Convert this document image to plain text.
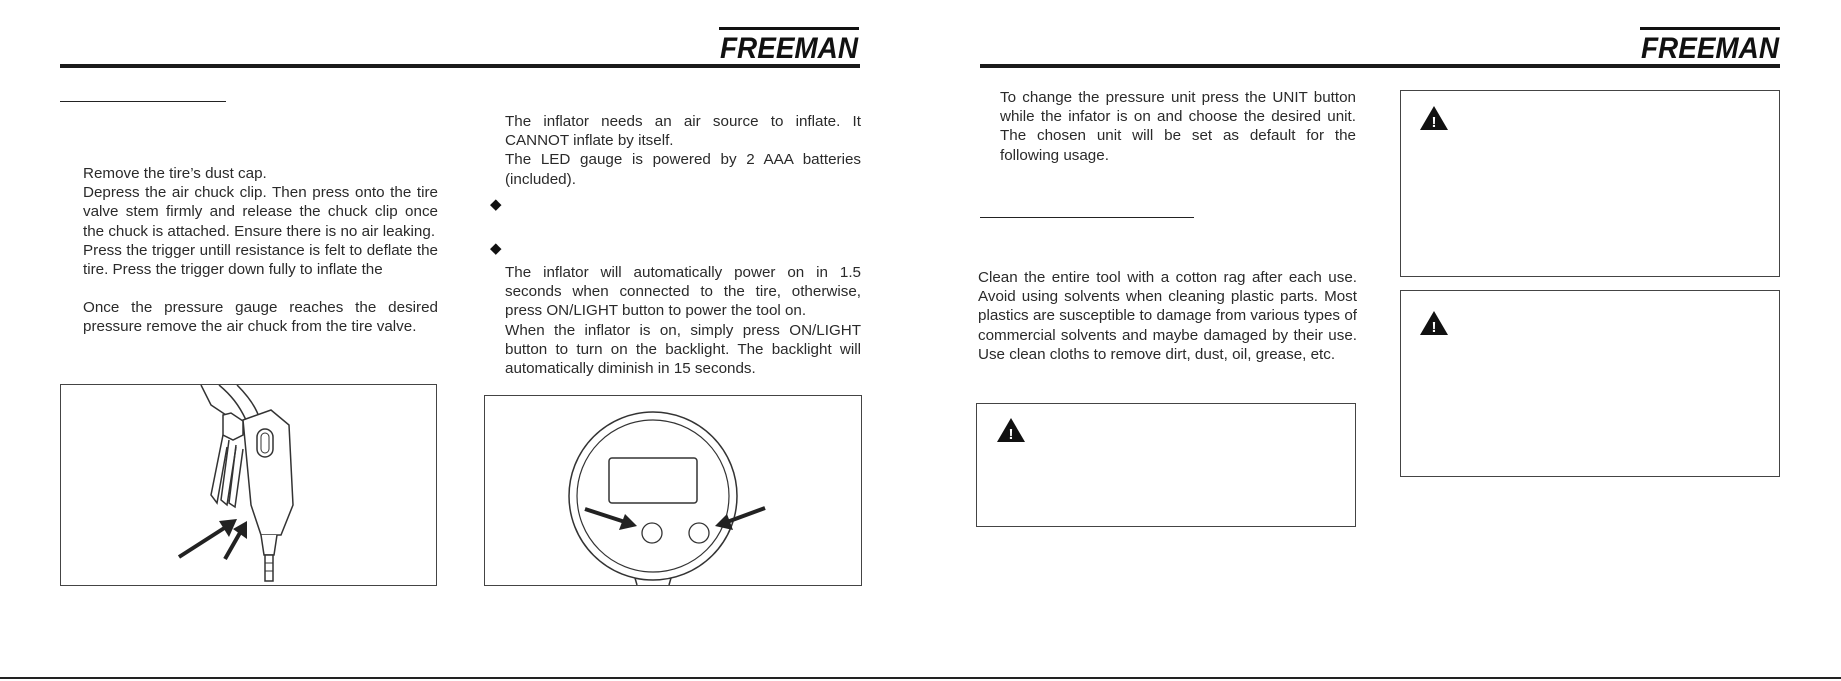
FREEMAN

Remove the tire’s dust cap.

Depress the air chuck clip. Then press onto the tire valve stem firmly and release the chuck clip once the chuck is attached. Ensure there is no air leaking.

Press the trigger untill resistance is felt to deflate the tire. Press the trigger down fully to inflate the

Once the pressure gauge reaches the desired pressure remove the air chuck from the tire valve.

The inflator needs an air source to inflate. It CANNOT inflate by itself.

The LED gauge is powered by 2 AAA batteries (included).

◆
◆

The inflator will automatically power on in 1.5 seconds when connected to the tire, otherwise, press ON/LIGHT button to power the tool on.

When the inflator is on, simply press ON/LIGHT button to turn on the backlight. The backlight will automatically diminish in 15 seconds.

FREEMAN
To change the pressure unit press the UNIT button while the infator is on and choose the desired unit. The chosen unit will be set as default for the following usage.
Clean the entire tool with a cotton rag after each use. Avoid using solvents when cleaning plastic parts. Most plastics are susceptible to damage from various types of commercial solvents and maybe damaged by their use. Use clean cloths to remove dirt, dust, oil, grease, etc.
!
!
!
